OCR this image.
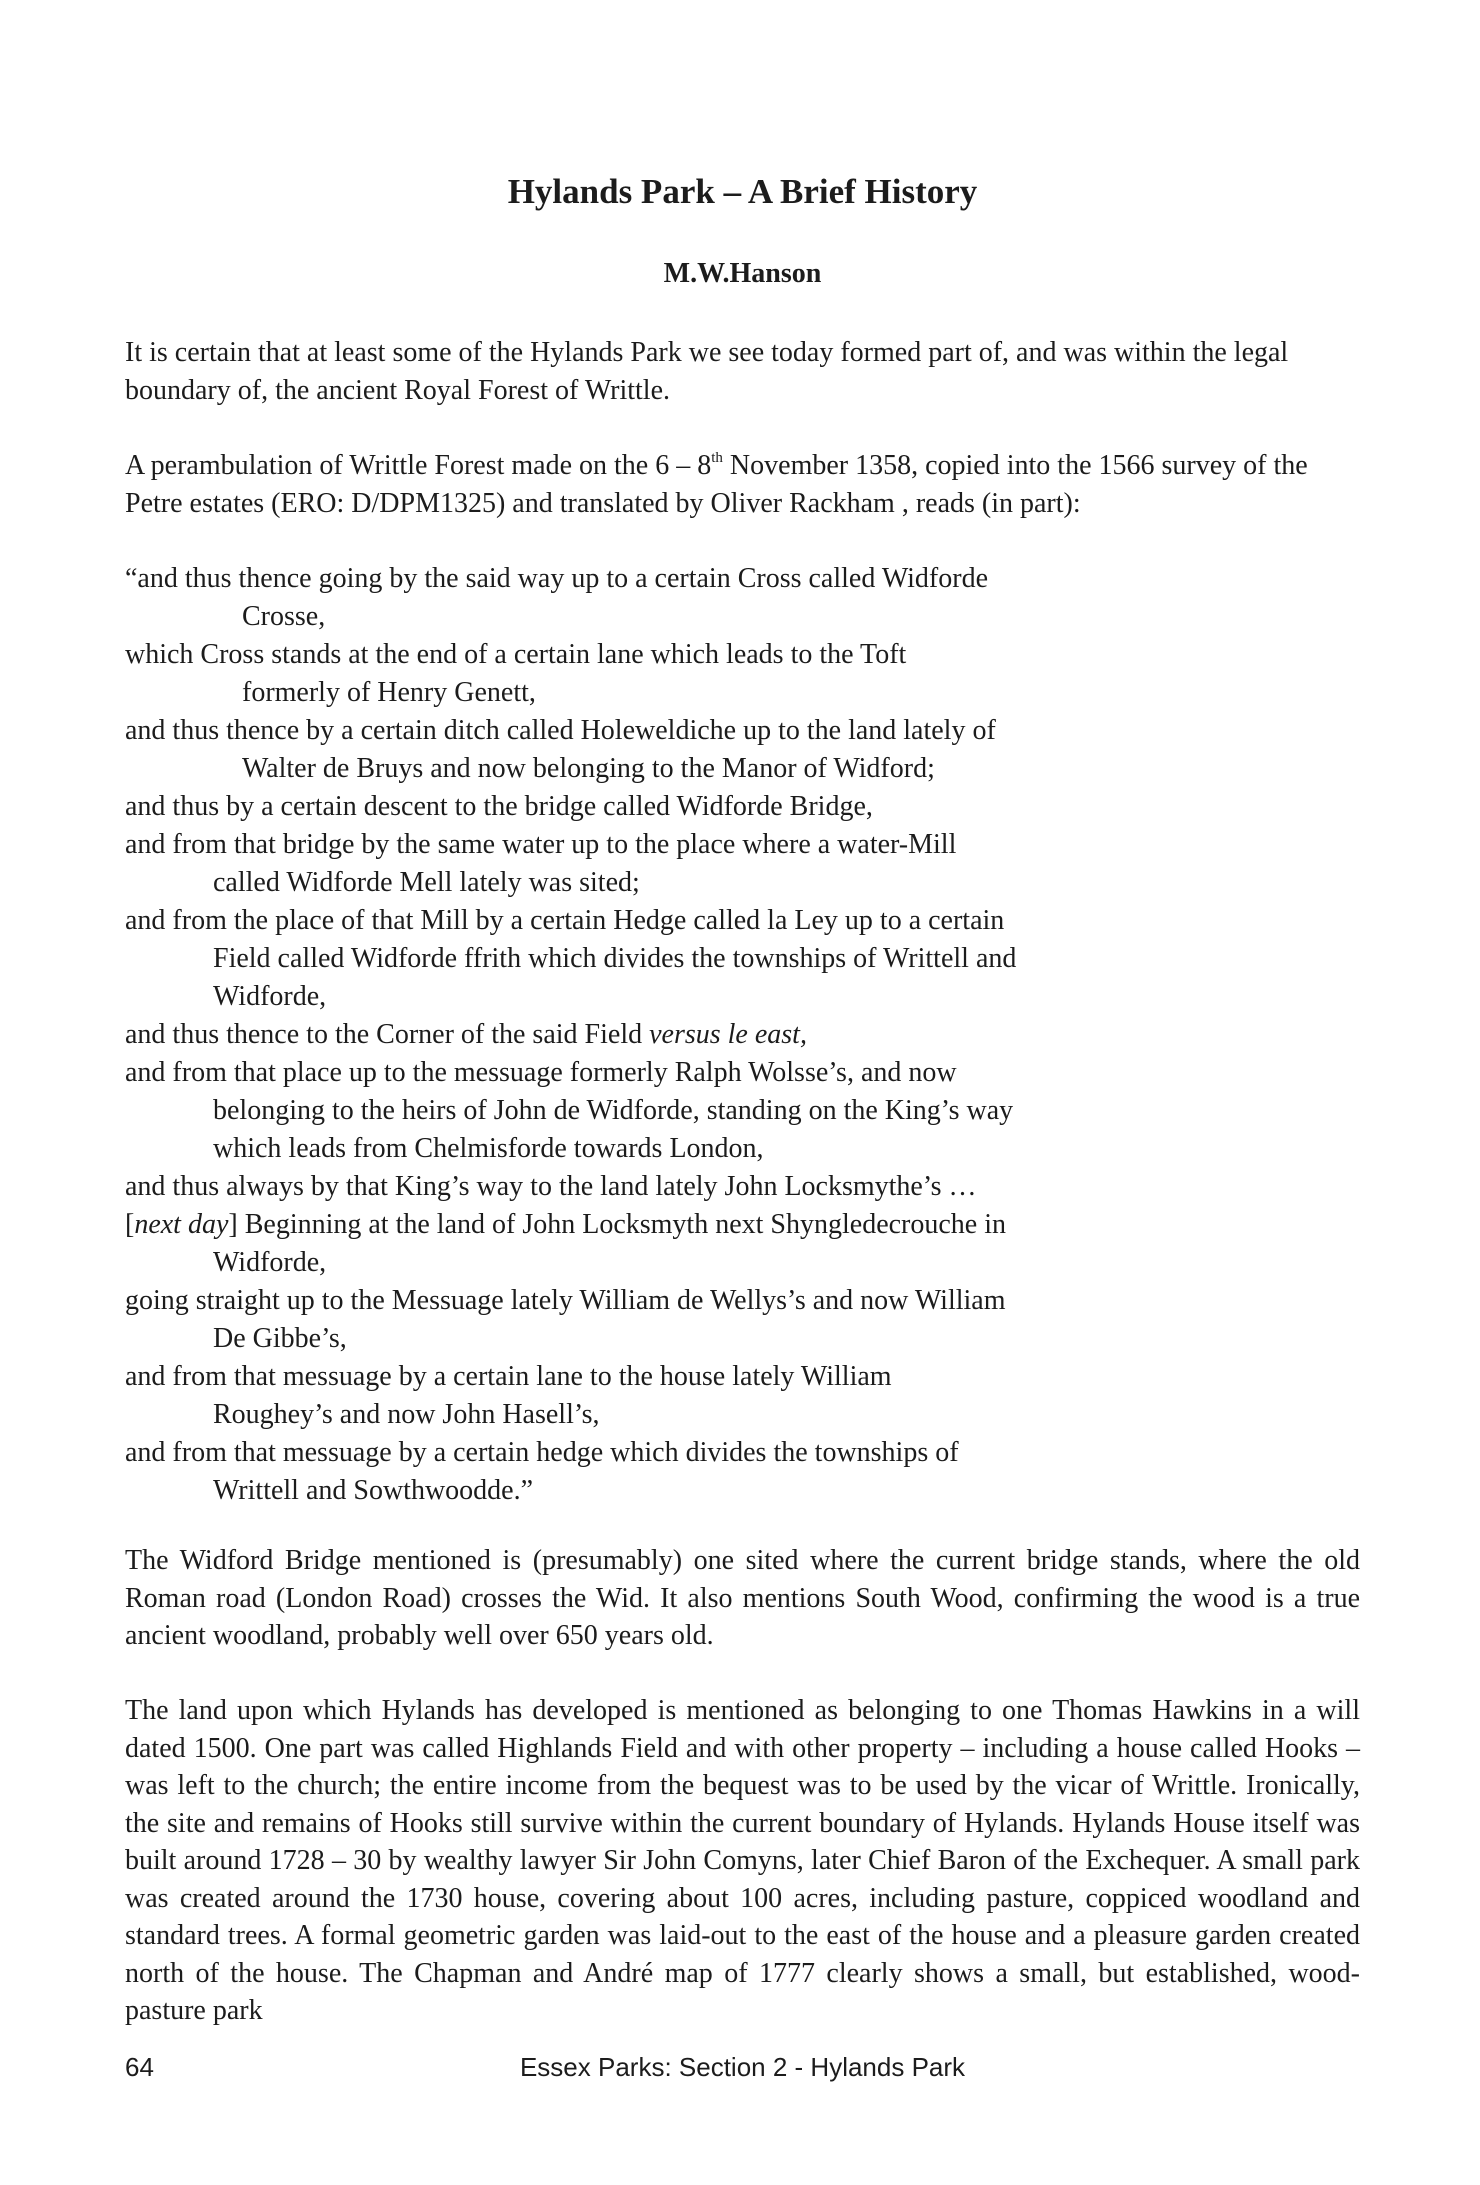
Hylands Park – A Brief History

M.W.Hanson

It is certain that at least some of the Hylands Park we see today formed part of, and was within the legal boundary of, the ancient Royal Forest of Writtle.

A perambulation of Writtle Forest made on the 6 – 8th November 1358, copied into the 1566 survey of the Petre estates (ERO: D/DPM1325) and translated by Oliver Rackham , reads (in part):

“and thus thence going by the said way up to a certain Cross called Widforde
Crosse,
which Cross stands at the end of a certain lane which leads to the Toft
formerly of Henry Genett,
and thus thence by a certain ditch called Holeweldiche up to the land lately of
Walter de Bruys and now belonging to the Manor of Widford;
and thus by a certain descent to the bridge called Widforde Bridge,
and from that bridge by the same water up to the place where a water-Mill
called Widforde Mell lately was sited;
and from the place of that Mill by a certain Hedge called la Ley up to a certain
Field called Widforde ffrith which divides the townships of Writtell and
Widforde,
and thus thence to the Corner of the said Field versus le east,
and from that place up to the messuage formerly Ralph Wolsse’s, and now
belonging to the heirs of John de Widforde, standing on the King’s way
which leads from Chelmisforde towards London,
and thus always by that King’s way to the land lately John Locksmythe’s …
[next day] Beginning at the land of John Locksmyth next Shyngledecrouche in
Widforde,
going straight up to the Messuage lately William de Wellys’s and now William
De Gibbe’s,
and from that messuage by a certain lane to the house lately William
Roughey’s and now John Hasell’s,
and from that messuage by a certain hedge which divides the townships of
Writtell and Sowthwoodde.”

The Widford Bridge mentioned is (presumably) one sited where the current bridge stands, where the old Roman road (London Road) crosses the Wid. It also mentions South Wood, confirming the wood is a true ancient woodland, probably well over 650 years old.

The land upon which Hylands has developed is mentioned as belonging to one Thomas Hawkins in a will dated 1500. One part was called Highlands Field and with other property – including a house called Hooks – was left to the church; the entire income from the bequest was to be used by the vicar of Writtle. Ironically, the site and remains of Hooks still survive within the current boundary of Hylands. Hylands House itself was built around 1728 – 30 by wealthy lawyer Sir John Comyns, later Chief Baron of the Exchequer. A small park was created around the 1730 house, covering about 100 acres, including pasture, coppiced woodland and standard trees. A formal geometric garden was laid-out to the east of the house and a pleasure garden created north of the house. The Chapman and André map of 1777 clearly shows a small, but established, wood-pasture park

64	Essex Parks: Section 2 - Hylands Park
